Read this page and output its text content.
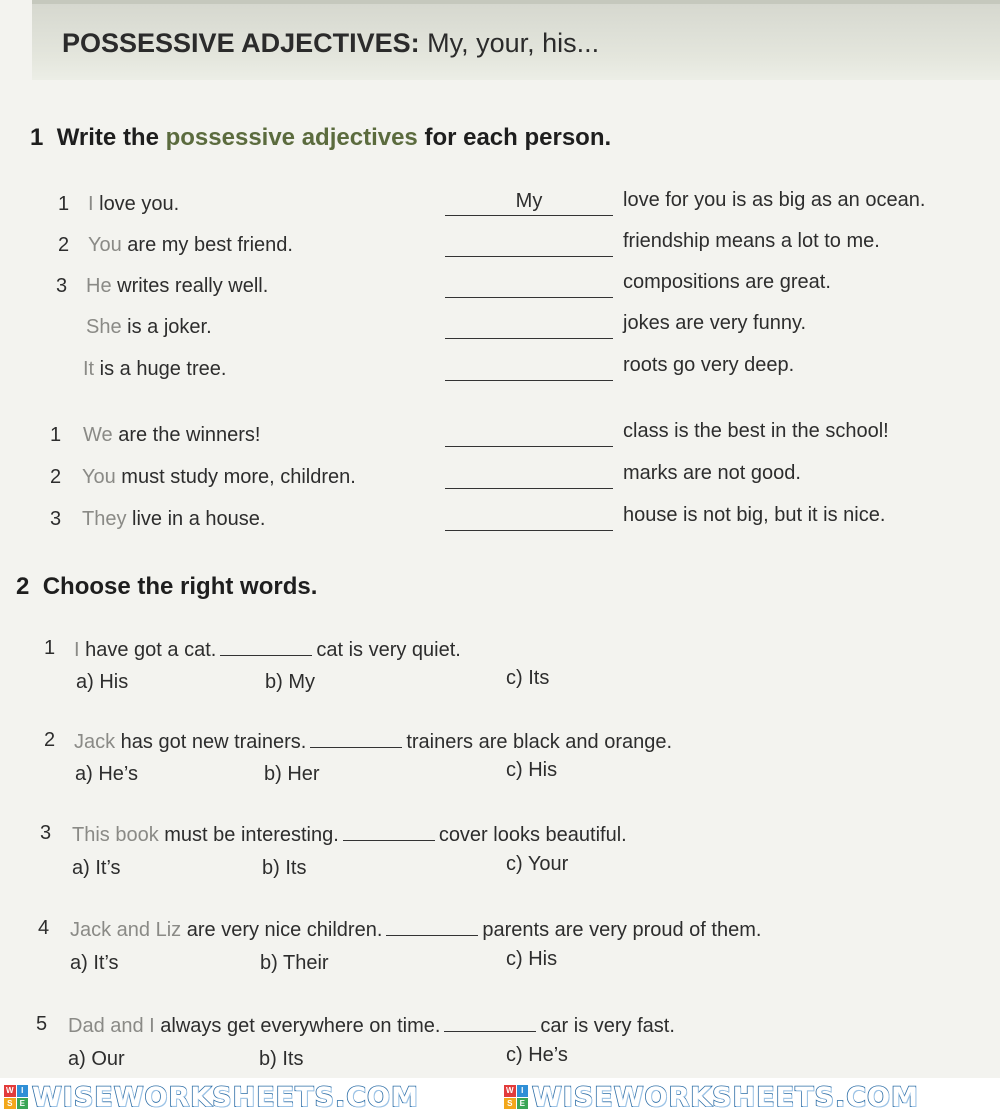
POSSESSIVE ADJECTIVES: My, your, his...
1 Write the possessive adjectives for each person.
1 I love you.	My	love for you is as big as an ocean.
2 You are my best friend.	friendship means a lot to me.
3 He writes really well.	compositions are great.
She is a joker.	jokes are very funny.
It is a huge tree.	roots go very deep.
1 We are the winners!	class is the best in the school!
2 You must study more, children.	marks are not good.
3 They live in a house.	house is not big, but it is nice.
2 Choose the right words.
1 I have got a cat.	cat is very quiet.
a) His	b) My	c) Its
2 Jack has got new trainers.	trainers are black and orange.
a) He’s	b) Her	c) His
3 This book must be interesting.	cover looks beautiful.
a) It’s	b) Its	c) Your
4 Jack and Liz are very nice children.	parents are very proud of them.
a) It’s	b) Their	c) His
5 Dad and I always get everywhere on time.	car is very fast.
a) Our	b) Its	c) He’s
W I
S E WISEWORKSHEETS.COM	W I
S E WISEWORKSHEETS.COM
